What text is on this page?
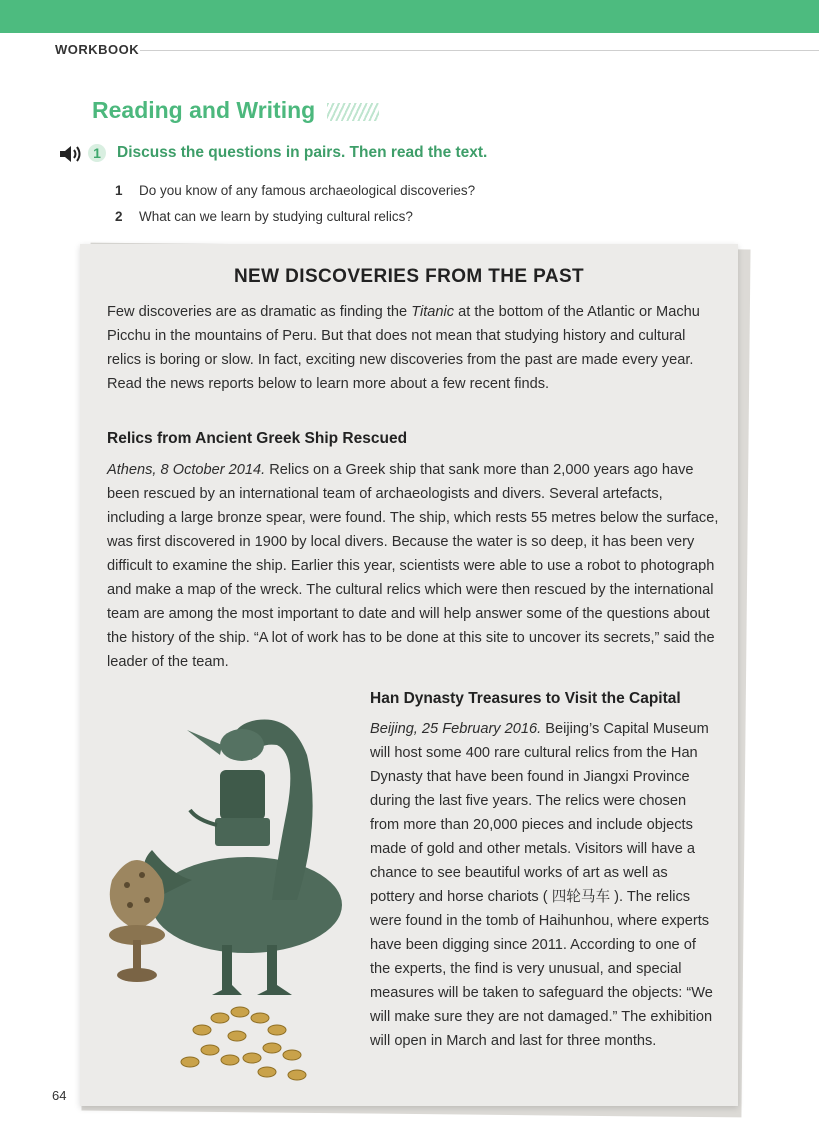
WORKBOOK
Reading and Writing
1	Discuss the questions in pairs. Then read the text.
1 Do you know of any famous archaeological discoveries?
2 What can we learn by studying cultural relics?
NEW DISCOVERIES FROM THE PAST
Few discoveries are as dramatic as finding the Titanic at the bottom of the Atlantic or Machu Picchu in the mountains of Peru. But that does not mean that studying history and cultural relics is boring or slow. In fact, exciting new discoveries from the past are made every year. Read the news reports below to learn more about a few recent finds.
Relics from Ancient Greek Ship Rescued
Athens, 8 October 2014. Relics on a Greek ship that sank more than 2,000 years ago have been rescued by an international team of archaeologists and divers. Several artefacts, including a large bronze spear, were found. The ship, which rests 55 metres below the surface, was first discovered in 1900 by local divers. Because the water is so deep, it has been very difficult to examine the ship. Earlier this year, scientists were able to use a robot to photograph and make a map of the wreck. The cultural relics which were then rescued by the international team are among the most important to date and will help answer some of the questions about the history of the ship. “A lot of work has to be done at this site to uncover its secrets,” said the leader of the team.
Han Dynasty Treasures to Visit the Capital
Beijing, 25 February 2016. Beijing’s Capital Museum will host some 400 rare cultural relics from the Han Dynasty that have been found in Jiangxi Province during the last five years. The relics were chosen from more than 20,000 pieces and include objects made of gold and other metals. Visitors will have a chance to see beautiful works of art as well as pottery and horse chariots ( 四轮马车 ). The relics were found in the tomb of Haihunhou, where experts have been digging since 2011. According to one of the experts, the find is very unusual, and special measures will be taken to safeguard the objects: “We will make sure they are not damaged.” The exhibition will open in March and last for three months.
64
